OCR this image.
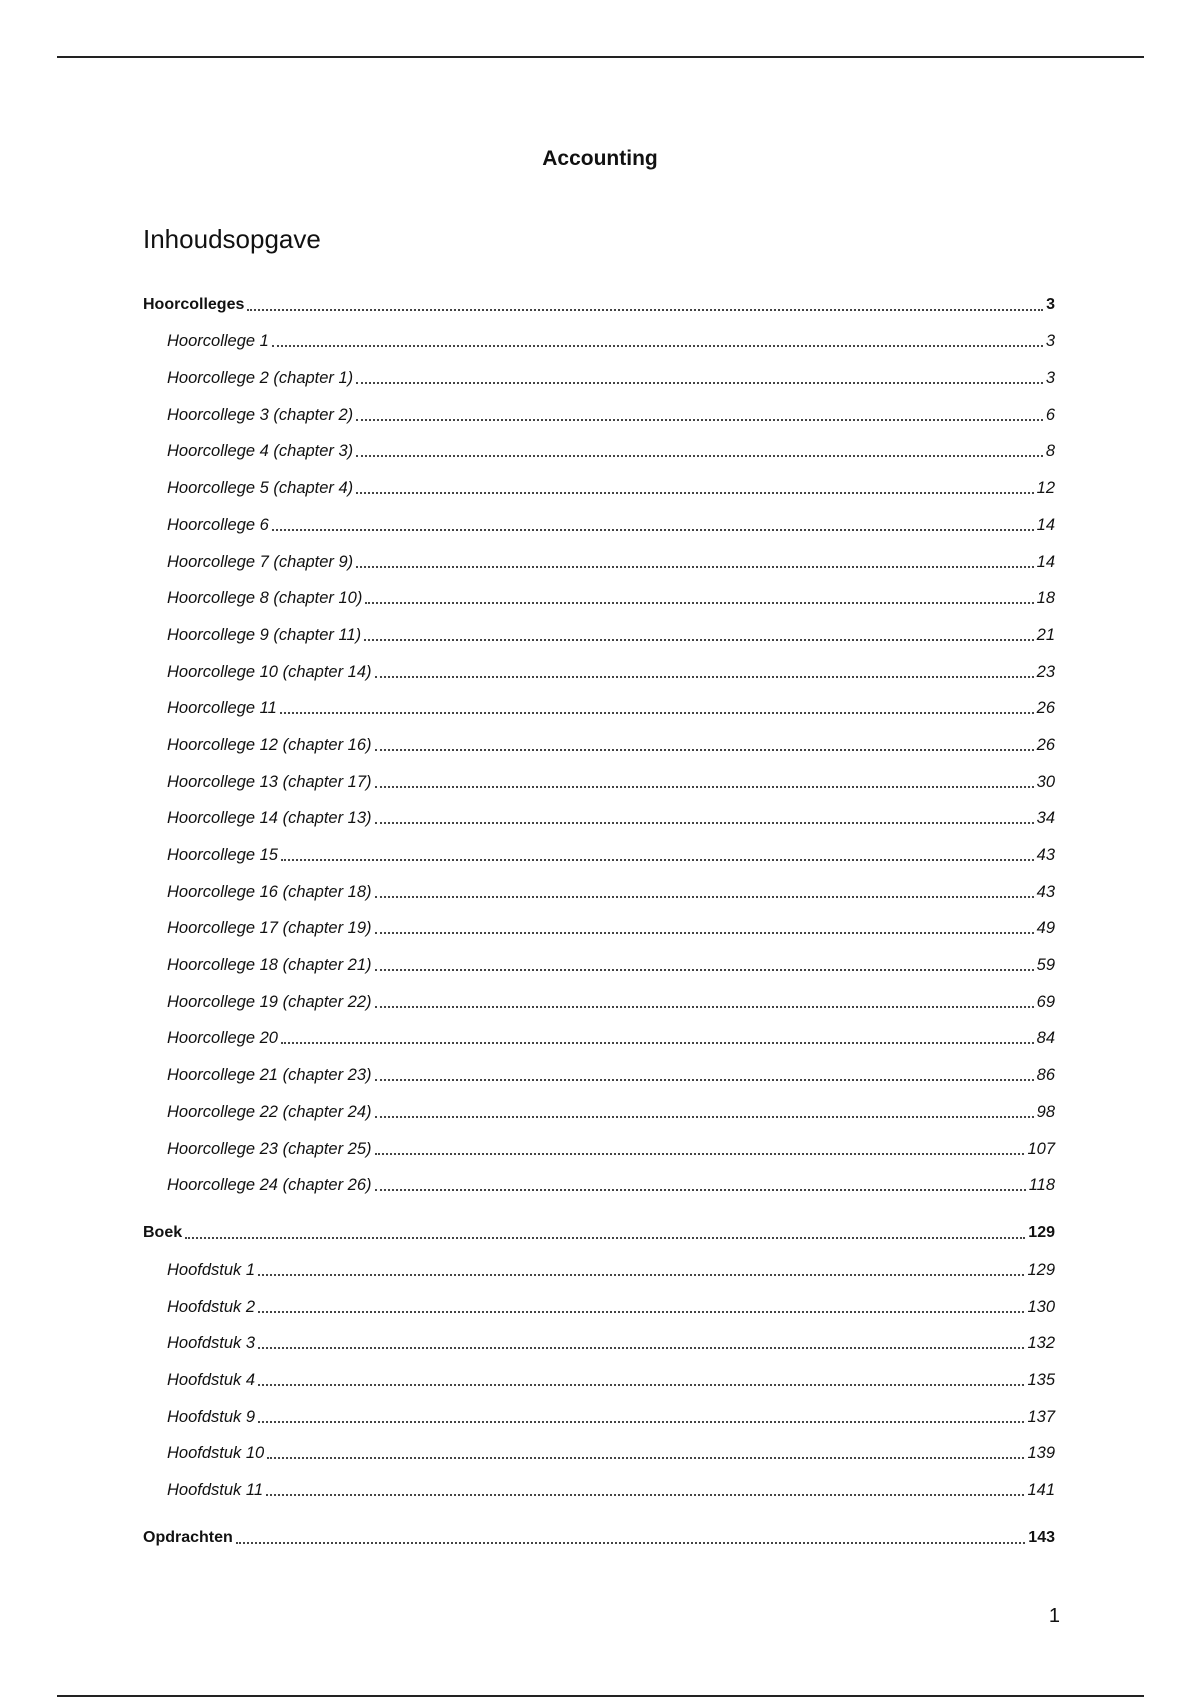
Accounting
Inhoudsopgave
Hoorcolleges	3
Hoorcollege 1	3
Hoorcollege 2 (chapter 1)	3
Hoorcollege 3 (chapter 2)	6
Hoorcollege 4 (chapter 3)	8
Hoorcollege 5 (chapter 4)	12
Hoorcollege 6	14
Hoorcollege 7 (chapter 9)	14
Hoorcollege 8 (chapter 10)	18
Hoorcollege 9 (chapter 11)	21
Hoorcollege 10 (chapter 14)	23
Hoorcollege 11	26
Hoorcollege 12 (chapter 16)	26
Hoorcollege 13 (chapter 17)	30
Hoorcollege 14 (chapter 13)	34
Hoorcollege 15	43
Hoorcollege 16 (chapter 18)	43
Hoorcollege 17 (chapter 19)	49
Hoorcollege 18 (chapter 21)	59
Hoorcollege 19 (chapter 22)	69
Hoorcollege 20	84
Hoorcollege 21 (chapter 23)	86
Hoorcollege 22 (chapter 24)	98
Hoorcollege 23 (chapter 25)	107
Hoorcollege 24 (chapter 26)	118
Boek	129
Hoofdstuk 1	129
Hoofdstuk 2	130
Hoofdstuk 3	132
Hoofdstuk 4	135
Hoofdstuk 9	137
Hoofdstuk 10	139
Hoofdstuk 11	141
Opdrachten	143
1
